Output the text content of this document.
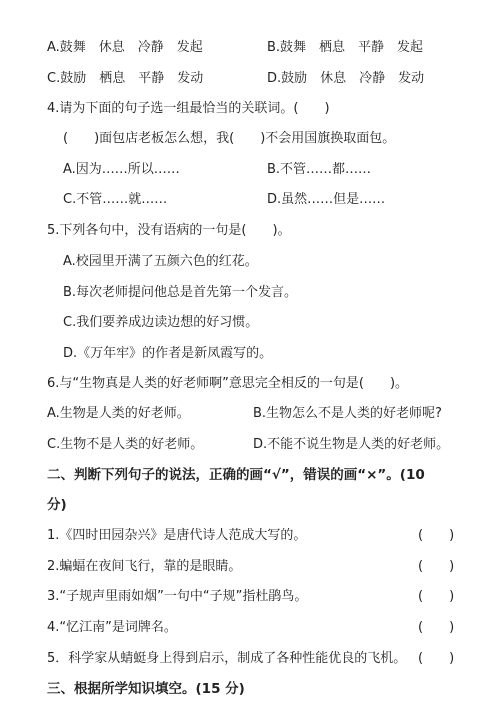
A.鼓舞　休息　冷静　发起	B.鼓舞　栖息　平静　发起
C.鼓励　栖息　平静　发动	D.鼓励　休息　冷静　发动
4.请为下面的句子选一组最恰当的关联词。(　　)
(　　)面包店老板怎么想，我(　　)不会用国旗换取面包。
A.因为……所以……	B.不管……都……
C.不管……就……	D.虽然……但是……
5.下列各句中，没有语病的一句是(　　)。
A.校园里开满了五颜六色的红花。
B.每次老师提问他总是首先第一个发言。
C.我们要养成边读边想的好习惯。
D.《万年牢》的作者是新凤霞写的。
6.与“生物真是人类的好老师啊”意思完全相反的一句是(　　)。
A.生物是人类的好老师。	B.生物怎么不是人类的好老师呢?
C.生物不是人类的好老师。	D.不能不说生物是人类的好老师。
二、判断下列句子的说法，正确的画“√”，错误的画“×”。(10
分)
1.《四时田园杂兴》是唐代诗人范成大写的。	(　　)
2.蝙蝠在夜间飞行，靠的是眼睛。	(　　)
3.“子规声里雨如烟”一句中“子规”指杜鹃鸟。	(　　)
4.“忆江南”是词牌名。	(　　)
5．科学家从蜻蜓身上得到启示，制成了各种性能优良的飞机。 (　　)
三、根据所学知识填空。(15 分)
